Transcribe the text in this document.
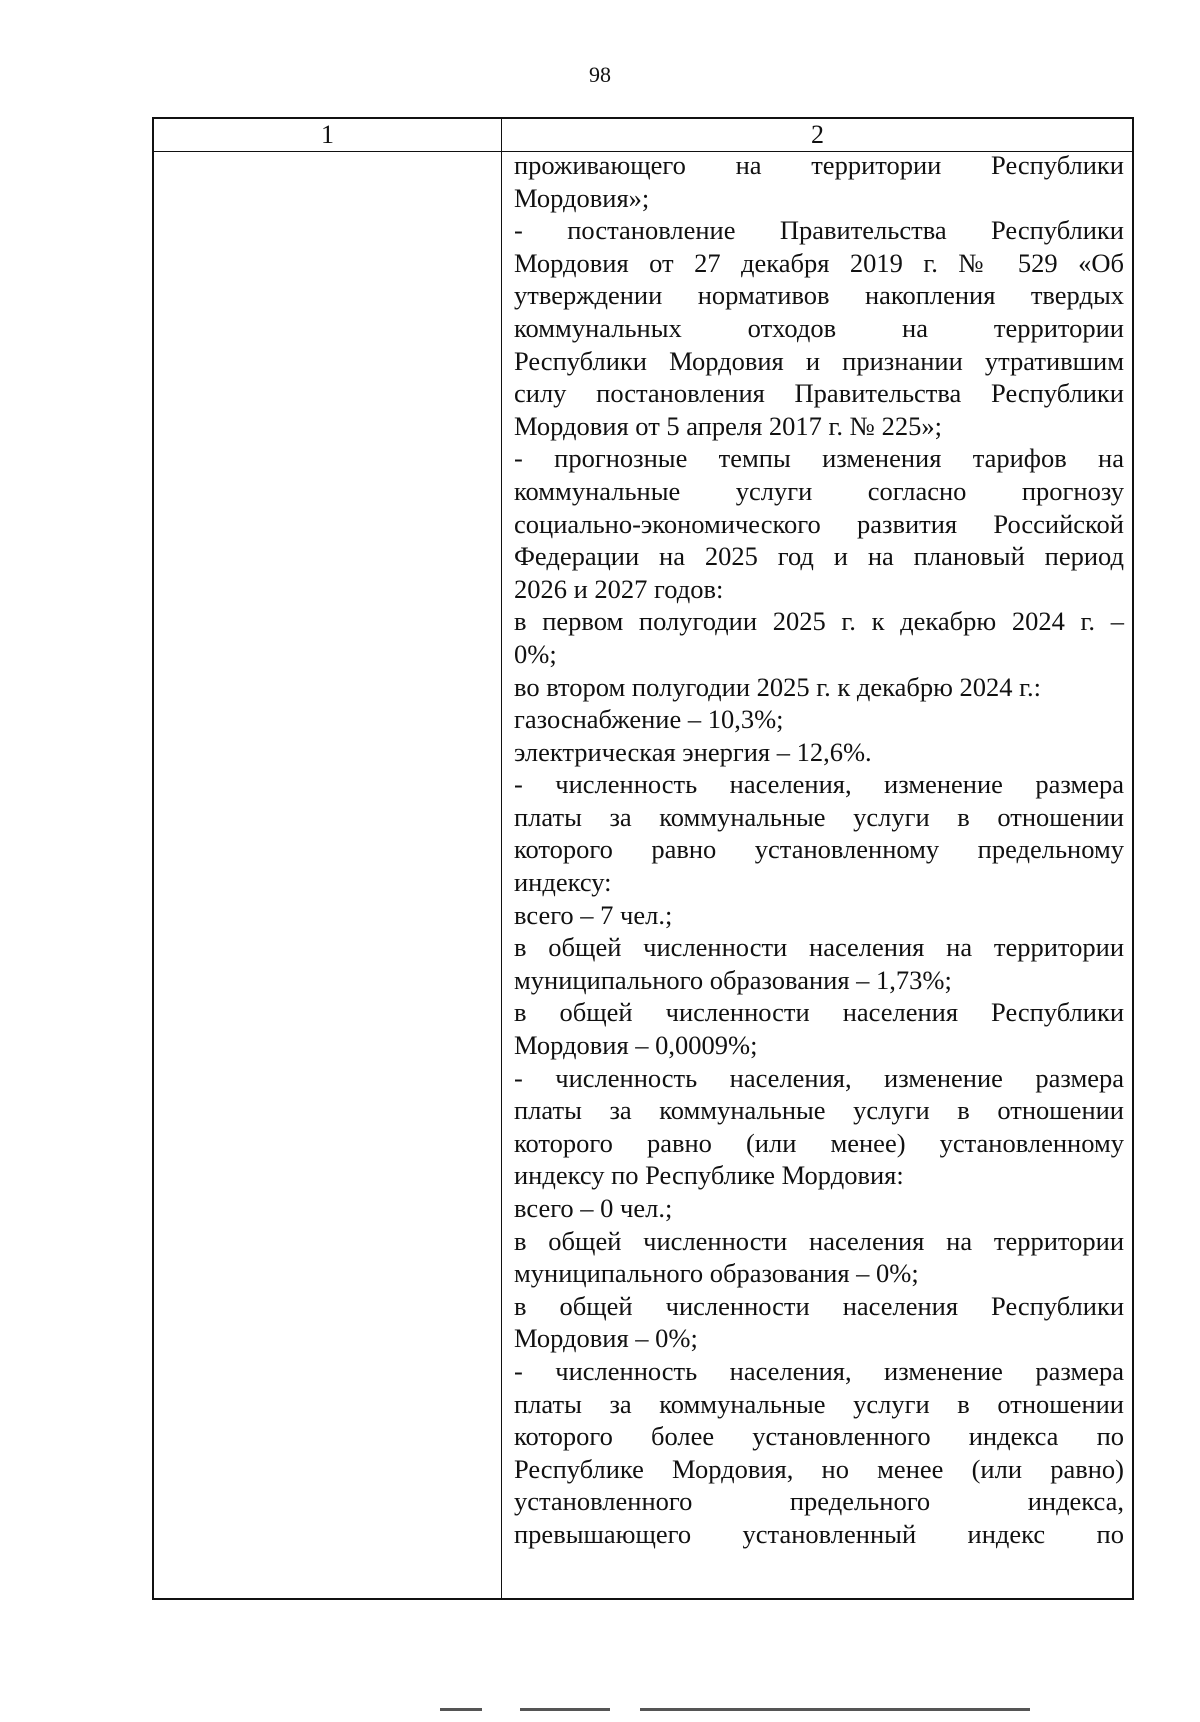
98
1	2
проживающего на территории Республики
Мордовия»;
- постановление Правительства Республики
Мордовия от 27 декабря 2019 г. № 529 «Об
утверждении нормативов накопления твердых
коммунальных отходов на территории
Республики Мордовия и признании утратившим
силу постановления Правительства Республики
Мордовия от 5 апреля 2017 г. № 225»;
- прогнозные темпы изменения тарифов на
коммунальные услуги согласно прогнозу
социально-экономического развития Российской
Федерации на 2025 год и на плановый период
2026 и 2027 годов:
в первом полугодии 2025 г. к декабрю 2024 г. –
0%;
во втором полугодии 2025 г. к декабрю 2024 г.:
газоснабжение – 10,3%;
электрическая энергия – 12,6%.
- численность населения, изменение размера
платы за коммунальные услуги в отношении
которого равно установленному предельному
индексу:
всего – 7 чел.;
в общей численности населения на территории
муниципального образования – 1,73%;
в общей численности населения Республики
Мордовия – 0,0009%;
- численность населения, изменение размера
платы за коммунальные услуги в отношении
которого равно (или менее) установленному
индексу по Республике Мордовия:
всего – 0 чел.;
в общей численности населения на территории
муниципального образования – 0%;
в общей численности населения Республики
Мордовия – 0%;
- численность населения, изменение размера
платы за коммунальные услуги в отношении
которого более установленного индекса по
Республике Мордовия, но менее (или равно)
установленного предельного индекса,
превышающего установленный индекс по
